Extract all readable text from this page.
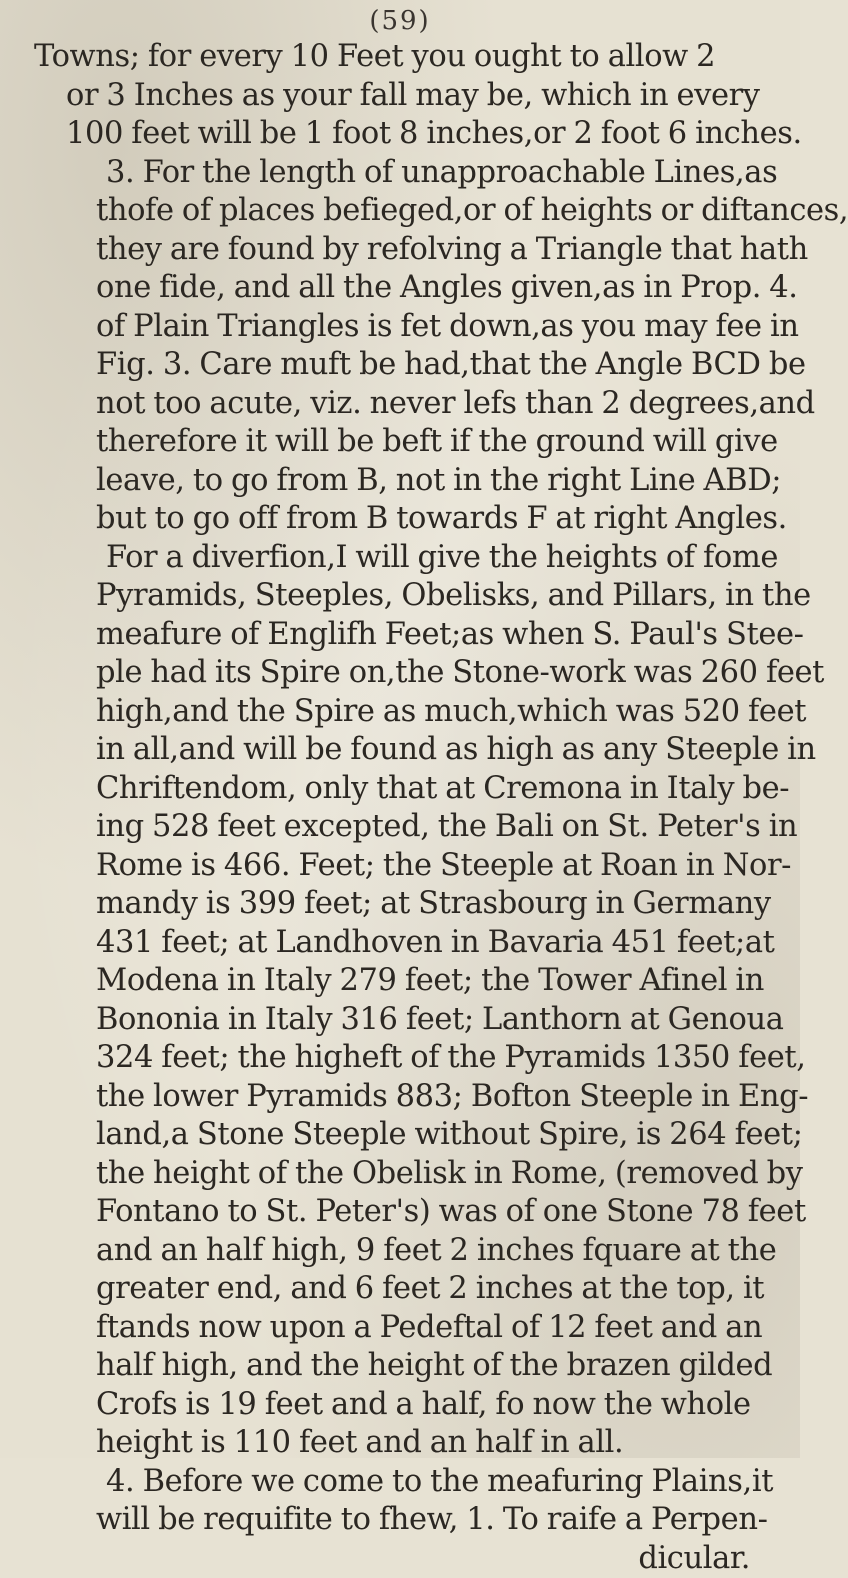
(59)
Towns; for every 10 Feet you ought to allow 2
or 3 Inches as your fall may be, which in every
100 feet will be 1 foot 8 inches,or 2 foot 6 inches.
3. For the length of unapproachable Lines,as
thofe of places befieged,or of heights or diftances,
they are found by refolving a Triangle that hath
one fide, and all the Angles given,as in Prop. 4.
of Plain Triangles is fet down,as you may fee in
Fig. 3. Care muft be had,that the Angle BCD be
not too acute, viz. never lefs than 2 degrees,and
therefore it will be beft if the ground will give
leave, to go from B, not in the right Line ABD;
but to go off from B towards F at right Angles.
For a diverfion,I will give the heights of fome
Pyramids, Steeples, Obelisks, and Pillars, in the
meafure of Englifh Feet;as when S. Paul's Stee-
ple had its Spire on,the Stone-work was 260 feet
high,and the Spire as much,which was 520 feet
in all,and will be found as high as any Steeple in
Chriftendom, only that at Cremona in Italy be-
ing 528 feet excepted, the Bali on St. Peter's in
Rome is 466. Feet; the Steeple at Roan in Nor-
mandy is 399 feet; at Strasbourg in Germany
431 feet; at Landhoven in Bavaria 451 feet;at
Modena in Italy 279 feet; the Tower Afinel in
Bononia in Italy 316 feet; Lanthorn at Genoua
324 feet; the higheft of the Pyramids 1350 feet,
the lower Pyramids 883; Bofton Steeple in Eng-
land,a Stone Steeple without Spire, is 264 feet;
the height of the Obelisk in Rome, (removed by
Fontano to St. Peter's) was of one Stone 78 feet
and an half high, 9 feet 2 inches fquare at the
greater end, and 6 feet 2 inches at the top, it
ftands now upon a Pedeftal of 12 feet and an
half high, and the height of the brazen gilded
Crofs is 19 feet and a half, fo now the whole
height is 110 feet and an half in all.
4. Before we come to the meafuring Plains,it
will be requifite to fhew, 1. To raife a Perpen-
dicular.
